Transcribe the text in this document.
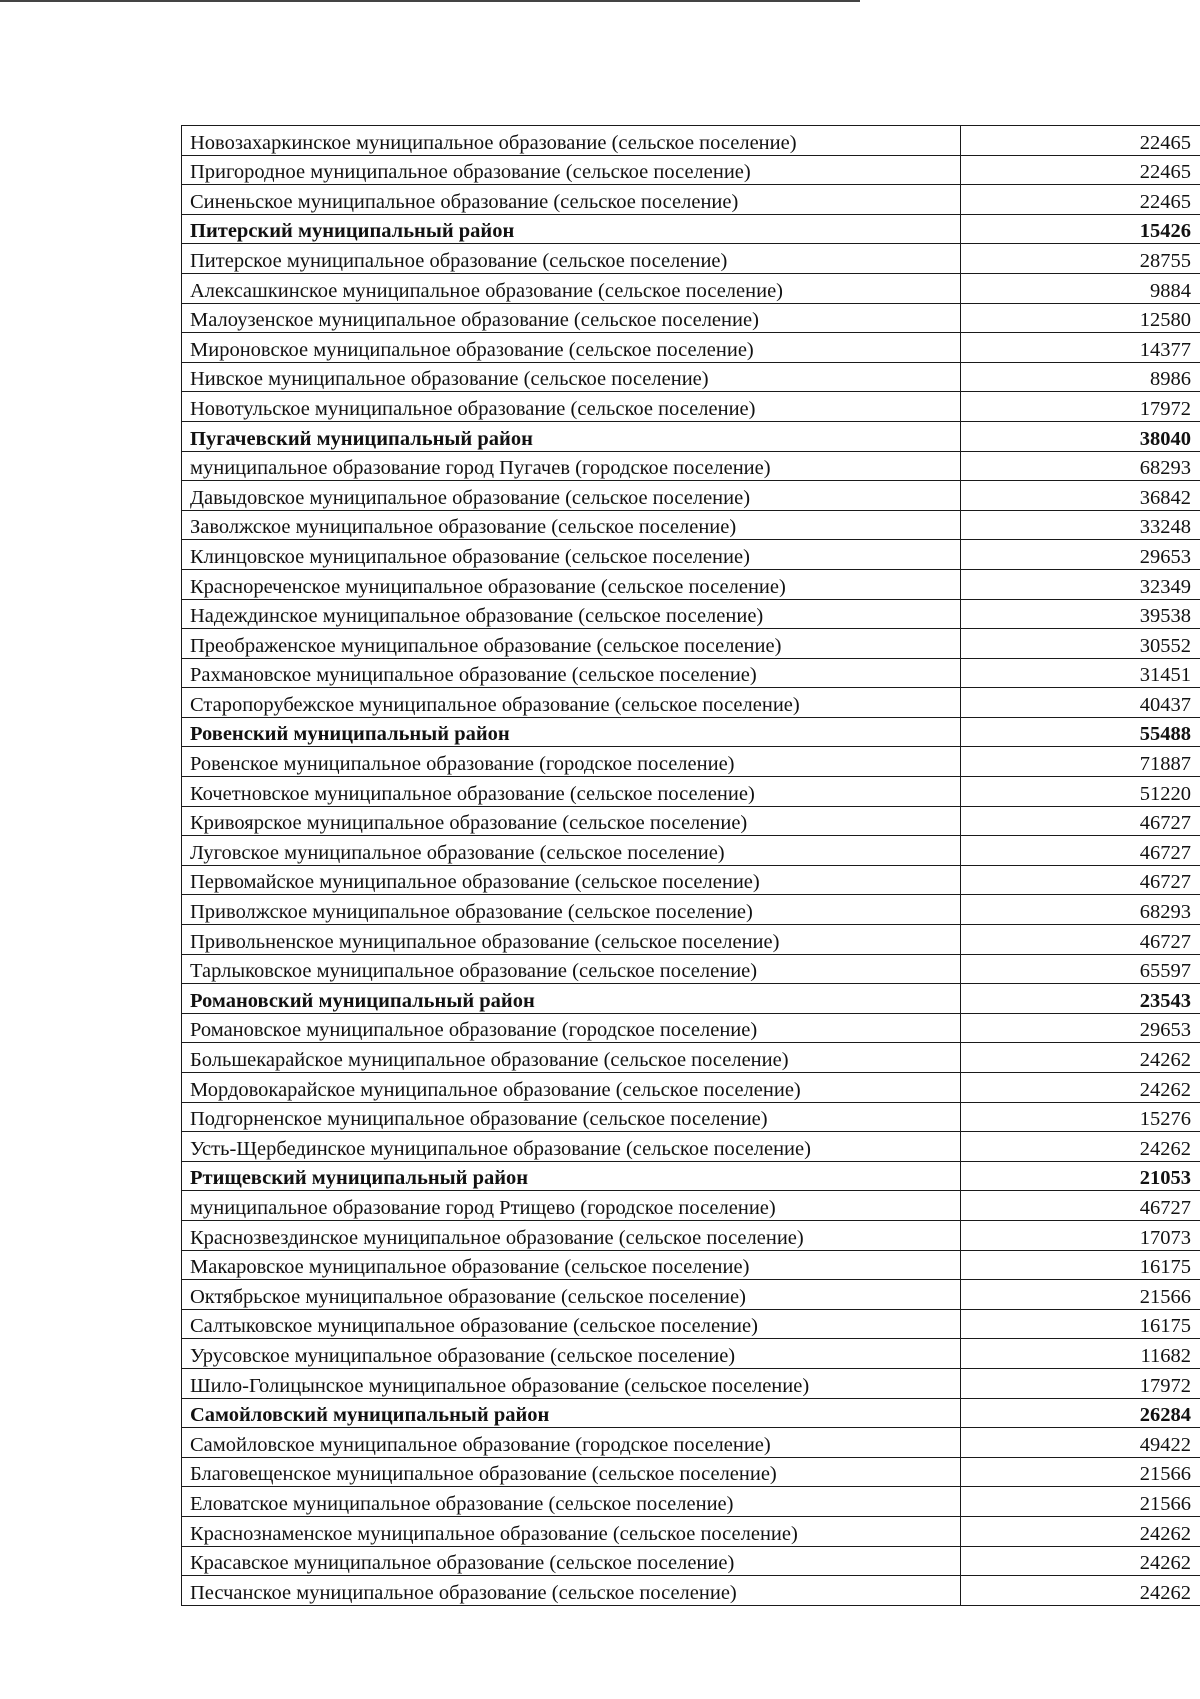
Новозахаркинское муниципальное образование (сельское поселение)	22465
Пригородное муниципальное образование (сельское поселение)	22465
Синеньское муниципальное образование (сельское поселение)	22465
Питерский муниципальный район	15426
Питерское муниципальное образование (сельское поселение)	28755
Алексашкинское муниципальное образование (сельское поселение)	9884
Малоузенское муниципальное образование (сельское поселение)	12580
Мироновское муниципальное образование (сельское поселение)	14377
Нивское муниципальное образование (сельское поселение)	8986
Новотульское муниципальное образование (сельское поселение)	17972
Пугачевский муниципальный район	38040
муниципальное образование город Пугачев (городское поселение)	68293
Давыдовское муниципальное образование (сельское поселение)	36842
Заволжское муниципальное образование (сельское поселение)	33248
Клинцовское муниципальное образование (сельское поселение)	29653
Краснореченское муниципальное образование (сельское поселение)	32349
Надеждинское муниципальное образование (сельское поселение)	39538
Преображенское муниципальное образование (сельское поселение)	30552
Рахмановское муниципальное образование (сельское поселение)	31451
Старопорубежское муниципальное образование (сельское поселение)	40437
Ровенский муниципальный район	55488
Ровенское муниципальное образование (городское поселение)	71887
Кочетновское муниципальное образование (сельское поселение)	51220
Кривоярское муниципальное образование (сельское поселение)	46727
Луговское муниципальное образование (сельское поселение)	46727
Первомайское муниципальное образование (сельское поселение)	46727
Приволжское муниципальное образование (сельское поселение)	68293
Привольненское муниципальное образование (сельское поселение)	46727
Тарлыковское муниципальное образование (сельское поселение)	65597
Романовский муниципальный район	23543
Романовское муниципальное образование (городское поселение)	29653
Большекарайское муниципальное образование (сельское поселение)	24262
Мордовокарайское муниципальное образование (сельское поселение)	24262
Подгорненское муниципальное образование (сельское поселение)	15276
Усть-Щербединское муниципальное образование (сельское поселение)	24262
Ртищевский муниципальный район	21053
муниципальное образование город Ртищево (городское поселение)	46727
Краснозвездинское муниципальное образование (сельское поселение)	17073
Макаровское муниципальное образование (сельское поселение)	16175
Октябрьское муниципальное образование (сельское поселение)	21566
Салтыковское муниципальное образование (сельское поселение)	16175
Урусовское муниципальное образование (сельское поселение)	11682
Шило-Голицынское муниципальное образование (сельское поселение)	17972
Самойловский муниципальный район	26284
Самойловское муниципальное образование (городское поселение)	49422
Благовещенское муниципальное образование (сельское поселение)	21566
Еловатское муниципальное образование (сельское поселение)	21566
Краснознаменское муниципальное образование (сельское поселение)	24262
Красавское муниципальное образование (сельское поселение)	24262
Песчанское муниципальное образование (сельское поселение)	24262
